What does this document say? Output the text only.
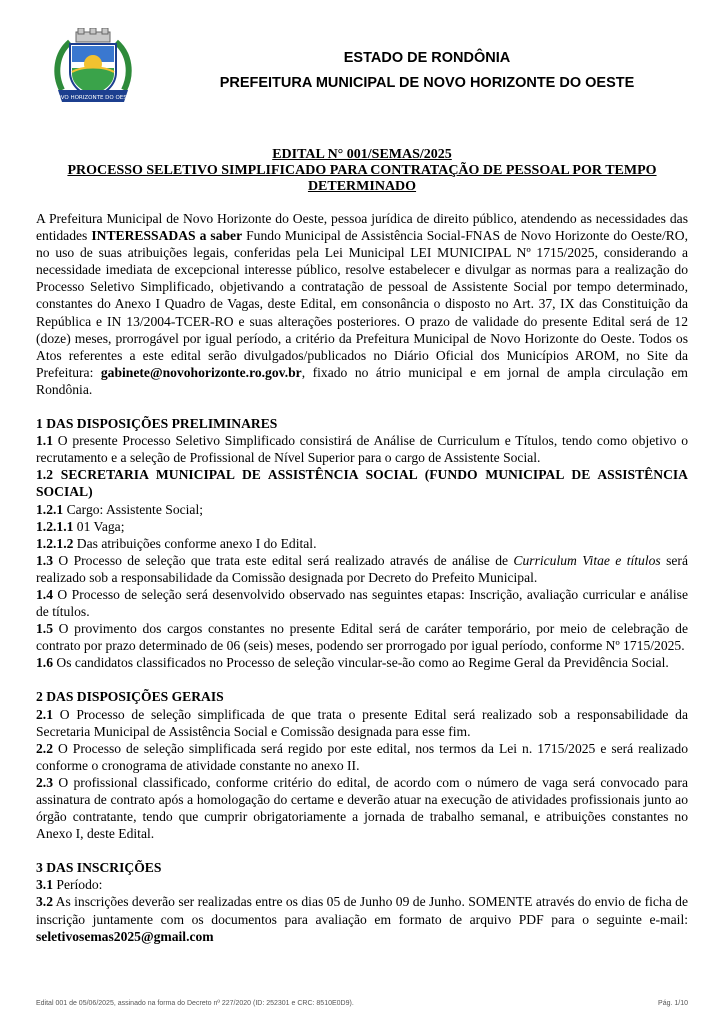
NOVO HORIZONTE DO OESTE
ESTADO DE RONDÔNIA
PREFEITURA MUNICIPAL DE NOVO HORIZONTE DO OESTE
EDITAL N° 001/SEMAS/2025
PROCESSO SELETIVO SIMPLIFICADO PARA CONTRATAÇÃO DE PESSOAL POR TEMPO DETERMINADO

A Prefeitura Municipal de Novo Horizonte do Oeste, pessoa jurídica de direito público, atendendo as necessidades das entidades INTERESSADAS a saber Fundo Municipal de Assistência Social-FNAS de Novo Horizonte do Oeste/RO, no uso de suas atribuições legais, conferidas pela Lei Municipal LEI MUNICIPAL Nº 1715/2025, considerando a necessidade imediata de excepcional interesse público, resolve estabelecer e divulgar as normas para a realização do Processo Seletivo Simplificado, objetivando a contratação de pessoal de Assistente Social por tempo determinado, constantes do Anexo I Quadro de Vagas, deste Edital, em consonância o disposto no Art. 37, IX das Constituição da República e IN 13/2004-TCER-RO e suas alterações posteriores. O prazo de validade do presente Edital será de 12 (doze) meses, prorrogável por igual período, a critério da Prefeitura Municipal de Novo Horizonte do Oeste. Todos os Atos referentes a este edital serão divulgados/publicados no Diário Oficial dos Municípios AROM, no Site da Prefeitura: gabinete@novohorizonte.ro.gov.br, fixado no átrio municipal e em jornal de ampla circulação em Rondônia.

1 DAS DISPOSIÇÕES PRELIMINARES

1.1 O presente Processo Seletivo Simplificado consistirá de Análise de Curriculum e Títulos, tendo como objetivo o recrutamento e a seleção de Profissional de Nível Superior para o cargo de Assistente Social.

1.2 SECRETARIA MUNICIPAL DE ASSISTÊNCIA SOCIAL (FUNDO MUNICIPAL DE ASSISTÊNCIA SOCIAL)

1.2.1 Cargo: Assistente Social;

1.2.1.1 01 Vaga;

1.2.1.2 Das atribuições conforme anexo I do Edital.

1.3 O Processo de seleção que trata este edital será realizado através de análise de Curriculum Vitae e títulos será realizado sob a responsabilidade da Comissão designada por Decreto do Prefeito Municipal.

1.4 O Processo de seleção será desenvolvido observado nas seguintes etapas: Inscrição, avaliação curricular e análise de títulos.

1.5 O provimento dos cargos constantes no presente Edital será de caráter temporário, por meio de celebração de contrato por prazo determinado de 06 (seis) meses, podendo ser prorrogado por igual período, conforme Nº 1715/2025.

1.6 Os candidatos classificados no Processo de seleção vincular-se-ão como ao Regime Geral da Previdência Social.

2 DAS DISPOSIÇÕES GERAIS

2.1 O Processo de seleção simplificada de que trata o presente Edital será realizado sob a responsabilidade da Secretaria Municipal de Assistência Social e Comissão designada para esse fim.

2.2 O Processo de seleção simplificada será regido por este edital, nos termos da Lei n. 1715/2025 e será realizado conforme o cronograma de atividade constante no anexo II.

2.3 O profissional classificado, conforme critério do edital, de acordo com o número de vaga será convocado para assinatura de contrato após a homologação do certame e deverão atuar na execução de atividades profissionais junto ao órgão contratante, tendo que cumprir obrigatoriamente a jornada de trabalho semanal, e atribuições constantes no Anexo I, deste Edital.

3 DAS INSCRIÇÕES

3.1 Período:

3.2 As inscrições deverão ser realizadas entre os dias 05 de Junho 09 de Junho. SOMENTE através do envio de ficha de inscrição juntamente com os documentos para avaliação em formato de arquivo PDF para o seguinte e-mail: seletivosemas2025@gmail.com

Edital 001 de 05/06/2025, assinado na forma do Decreto nº 227/2020 (ID: 252301 e CRC: 8510E0D9).	Pág. 1/10
